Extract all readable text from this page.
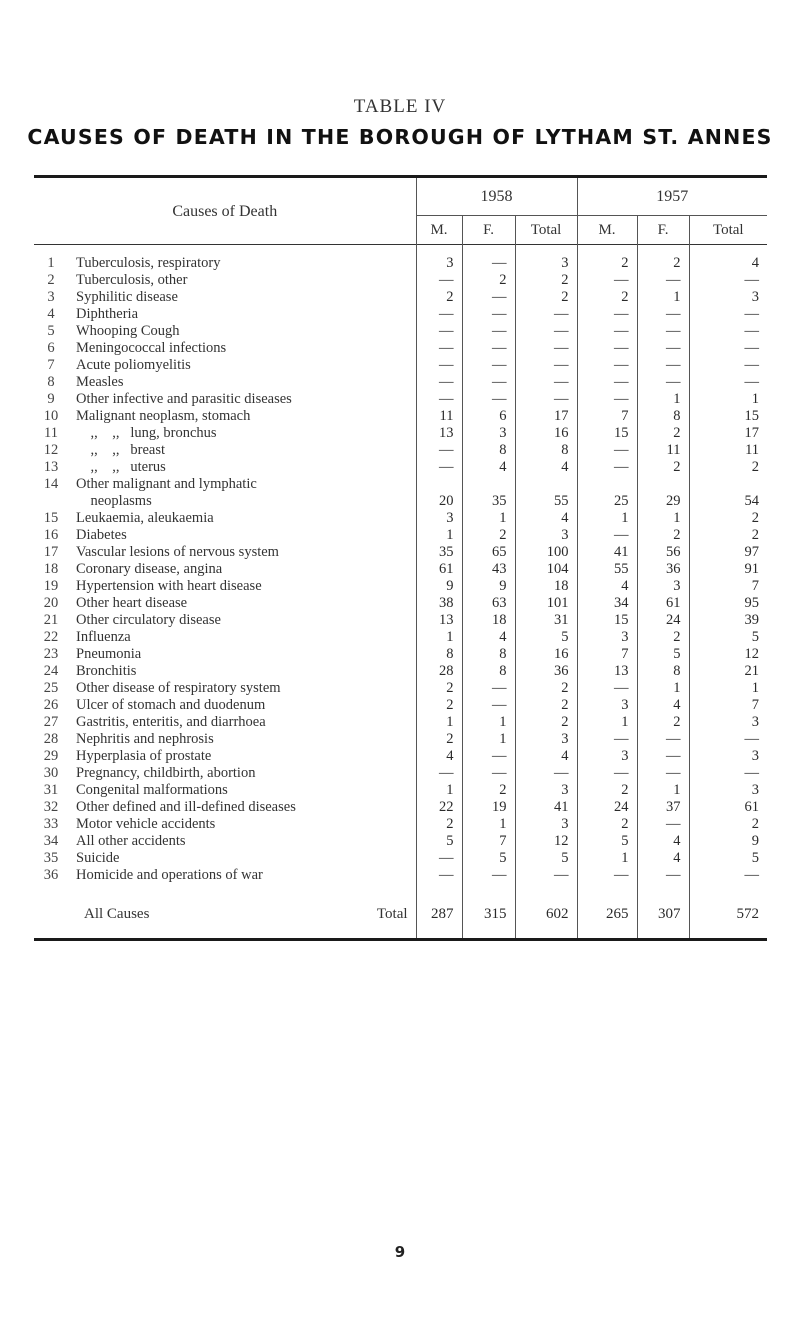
TABLE IV
CAUSES OF DEATH IN THE BOROUGH OF LYTHAM ST. ANNES
Causes of Death		1958			1957		
		M.	F.	Total	M.	F.	Total
1	Tuberculosis, respiratory	3	—	3	2	2	4
2	Tuberculosis, other	—	2	2	—	—	—
3	Syphilitic disease	2	—	2	2	1	3
4	Diphtheria	—	—	—	—	—	—
5	Whooping Cough	—	—	—	—	—	—
6	Meningococcal infections	—	—	—	—	—	—
7	Acute poliomyelitis	—	—	—	—	—	—
8	Measles	—	—	—	—	—	—
9	Other infective and parasitic diseases	—	—	—	—	1	1
10	Malignant neoplasm, stomach	11	6	17	7	8	15
11	,,    ,,   lung, bronchus	13	3	16	15	2	17
12	,,    ,,   breast	—	8	8	—	11	11
13	,,    ,,   uterus	—	4	4	—	2	2
14	Other malignant and lymphatic						
	neoplasms	20	35	55	25	29	54
15	Leukaemia, aleukaemia	3	1	4	1	1	2
16	Diabetes	1	2	3	—	2	2
17	Vascular lesions of nervous system	35	65	100	41	56	97
18	Coronary disease, angina	61	43	104	55	36	91
19	Hypertension with heart disease	9	9	18	4	3	7
20	Other heart disease	38	63	101	34	61	95
21	Other circulatory disease	13	18	31	15	24	39
22	Influenza	1	4	5	3	2	5
23	Pneumonia	8	8	16	7	5	12
24	Bronchitis	28	8	36	13	8	21
25	Other disease of respiratory system	2	—	2	—	1	1
26	Ulcer of stomach and duodenum	2	—	2	3	4	7
27	Gastritis, enteritis, and diarrhoea	1	1	2	1	2	3
28	Nephritis and nephrosis	2	1	3	—	—	—
29	Hyperplasia of prostate	4	—	4	3	—	3
30	Pregnancy, childbirth, abortion	—	—	—	—	—	—
31	Congenital malformations	1	2	3	2	1	3
32	Other defined and ill-defined diseases	22	19	41	24	37	61
33	Motor vehicle accidents	2	1	3	2	—	2
34	All other accidents	5	7	12	5	4	9
35	Suicide	—	5	5	1	4	5
36	Homicide and operations of war	—	—	—	—	—	—

	All Causes Total	287	315	602	265	307	572
9
